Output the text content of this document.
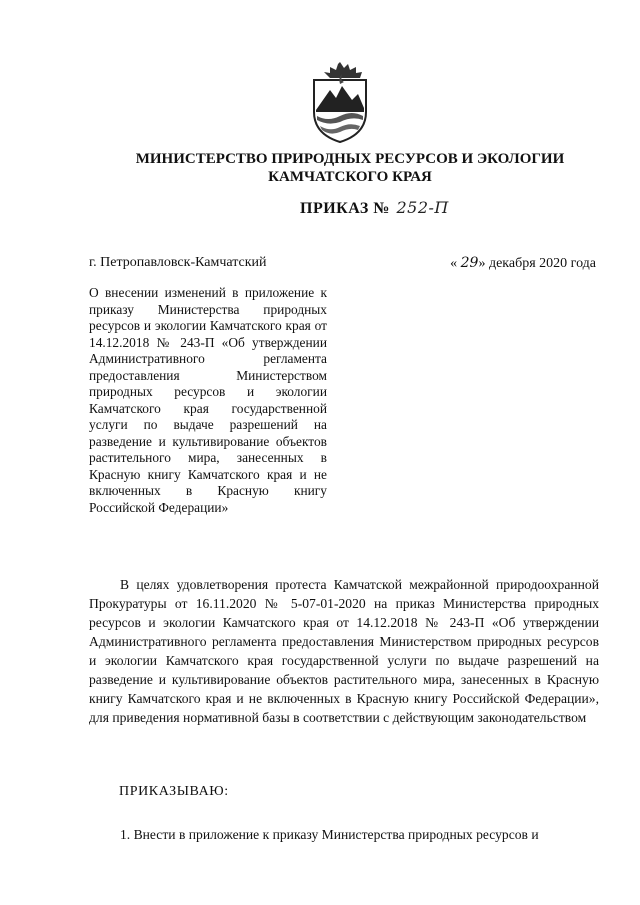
МИНИСТЕРСТВО ПРИРОДНЫХ РЕСУРСОВ И ЭКОЛОГИИ
КАМЧАТСКОГО КРАЯ
ПРИКАЗ № 252-П
г. Петропавловск-Камчатский	« 29» декабря 2020 года
О внесении изменений в приложение к приказу Министерства природных ресурсов и экологии Камчатского края от 14.12.2018 № 243-П «Об утверждении Административного регламента предоставления Министерством природных ресурсов и экологии Камчатского края государственной услуги по выдаче разрешений на разведение и культивирование объектов растительного мира, занесенных в Красную книгу Камчатского края и не включенных в Красную книгу Российской Федерации»
В целях удовлетворения протеста Камчатской межрайонной природоохранной Прокуратуры от 16.11.2020 № 5-07-01-2020 на приказ Министерства природных ресурсов и экологии Камчатского края от 14.12.2018 № 243-П «Об утверждении Административного регламента предоставления Министерством природных ресурсов и экологии Камчатского края государственной услуги по выдаче разрешений на разведение и культивирование объектов растительного мира, занесенных в Красную книгу Камчатского края и не включенных в Красную книгу Российской Федерации», для приведения нормативной базы в соответствии с действующим законодательством
ПРИКАЗЫВАЮ:
1. Внести в приложение к приказу Министерства природных ресурсов и
